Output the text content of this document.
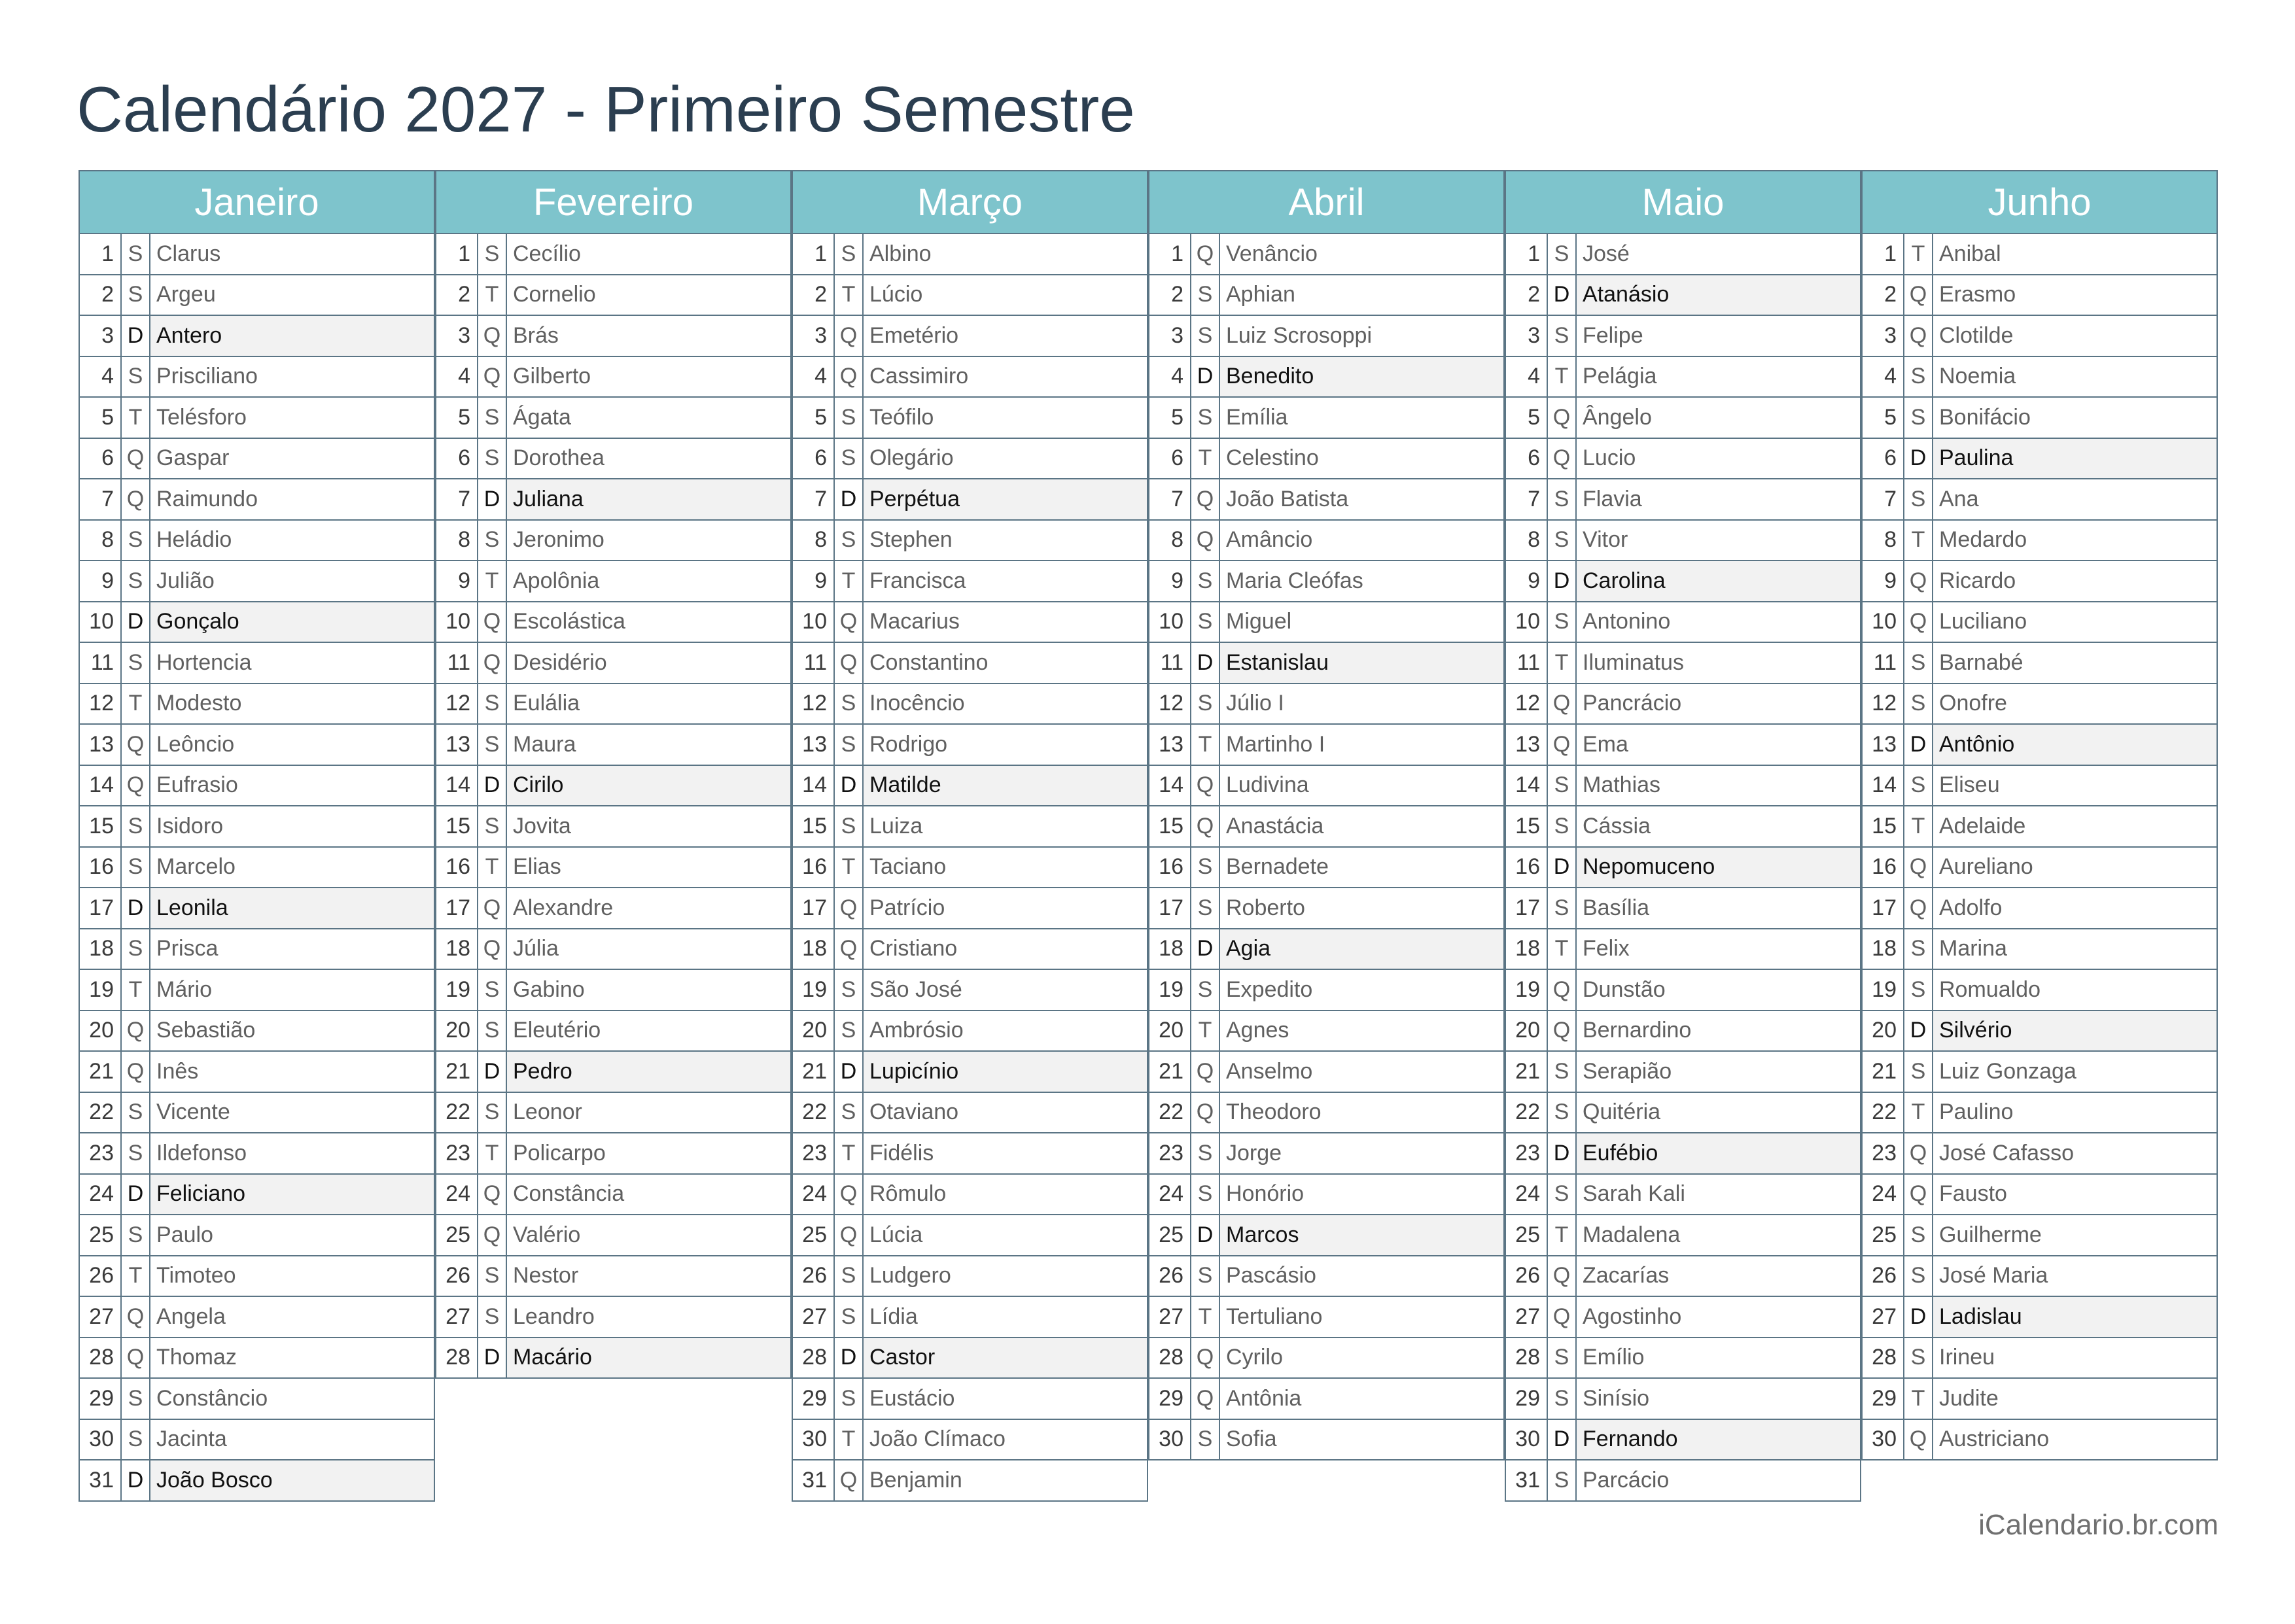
Calendário 2027 - Primeiro Semestre
Janeiro
1 S Clarus
2 S Argeu
3 D Antero
4 S Prisciliano
5 T Telésforo
6 Q Gaspar
7 Q Raimundo
8 S Heládio
9 S Julião
10 D Gonçalo
11 S Hortencia
12 T Modesto
13 Q Leôncio
14 Q Eufrasio
15 S Isidoro
16 S Marcelo
17 D Leonila
18 S Prisca
19 T Mário
20 Q Sebastião
21 Q Inês
22 S Vicente
23 S Ildefonso
24 D Feliciano
25 S Paulo
26 T Timoteo
27 Q Angela
28 Q Thomaz
29 S Constâncio
30 S Jacinta
31 D João Bosco
Fevereiro
1 S Cecílio
2 T Cornelio
3 Q Brás
4 Q Gilberto
5 S Ágata
6 S Dorothea
7 D Juliana
8 S Jeronimo
9 T Apolônia
10 Q Escolástica
11 Q Desidério
12 S Eulália
13 S Maura
14 D Cirilo
15 S Jovita
16 T Elias
17 Q Alexandre
18 Q Júlia
19 S Gabino
20 S Eleutério
21 D Pedro
22 S Leonor
23 T Policarpo
24 Q Constância
25 Q Valério
26 S Nestor
27 S Leandro
28 D Macário
Março
1 S Albino
2 T Lúcio
3 Q Emetério
4 Q Cassimiro
5 S Teófilo
6 S Olegário
7 D Perpétua
8 S Stephen
9 T Francisca
10 Q Macarius
11 Q Constantino
12 S Inocêncio
13 S Rodrigo
14 D Matilde
15 S Luiza
16 T Taciano
17 Q Patrício
18 Q Cristiano
19 S São José
20 S Ambrósio
21 D Lupicínio
22 S Otaviano
23 T Fidélis
24 Q Rômulo
25 Q Lúcia
26 S Ludgero
27 S Lídia
28 D Castor
29 S Eustácio
30 T João Clímaco
31 Q Benjamin
Abril
1 Q Venâncio
2 S Aphian
3 S Luiz Scrosoppi
4 D Benedito
5 S Emília
6 T Celestino
7 Q João Batista
8 Q Amâncio
9 S Maria Cleófas
10 S Miguel
11 D Estanislau
12 S Júlio I
13 T Martinho I
14 Q Ludivina
15 Q Anastácia
16 S Bernadete
17 S Roberto
18 D Agia
19 S Expedito
20 T Agnes
21 Q Anselmo
22 Q Theodoro
23 S Jorge
24 S Honório
25 D Marcos
26 S Pascásio
27 T Tertuliano
28 Q Cyrilo
29 Q Antônia
30 S Sofia
Maio
1 S José
2 D Atanásio
3 S Felipe
4 T Pelágia
5 Q Ângelo
6 Q Lucio
7 S Flavia
8 S Vitor
9 D Carolina
10 S Antonino
11 T Iluminatus
12 Q Pancrácio
13 Q Ema
14 S Mathias
15 S Cássia
16 D Nepomuceno
17 S Basília
18 T Felix
19 Q Dunstão
20 Q Bernardino
21 S Serapião
22 S Quitéria
23 D Eufébio
24 S Sarah Kali
25 T Madalena
26 Q Zacarías
27 Q Agostinho
28 S Emílio
29 S Sinísio
30 D Fernando
31 S Parcácio
Junho
1 T Anibal
2 Q Erasmo
3 Q Clotilde
4 S Noemia
5 S Bonifácio
6 D Paulina
7 S Ana
8 T Medardo
9 Q Ricardo
10 Q Luciliano
11 S Barnabé
12 S Onofre
13 D Antônio
14 S Eliseu
15 T Adelaide
16 Q Aureliano
17 Q Adolfo
18 S Marina
19 S Romualdo
20 D Silvério
21 S Luiz Gonzaga
22 T Paulino
23 Q José Cafasso
24 Q Fausto
25 S Guilherme
26 S José Maria
27 D Ladislau
28 S Irineu
29 T Judite
30 Q Austriciano
iCalendario.br.com
